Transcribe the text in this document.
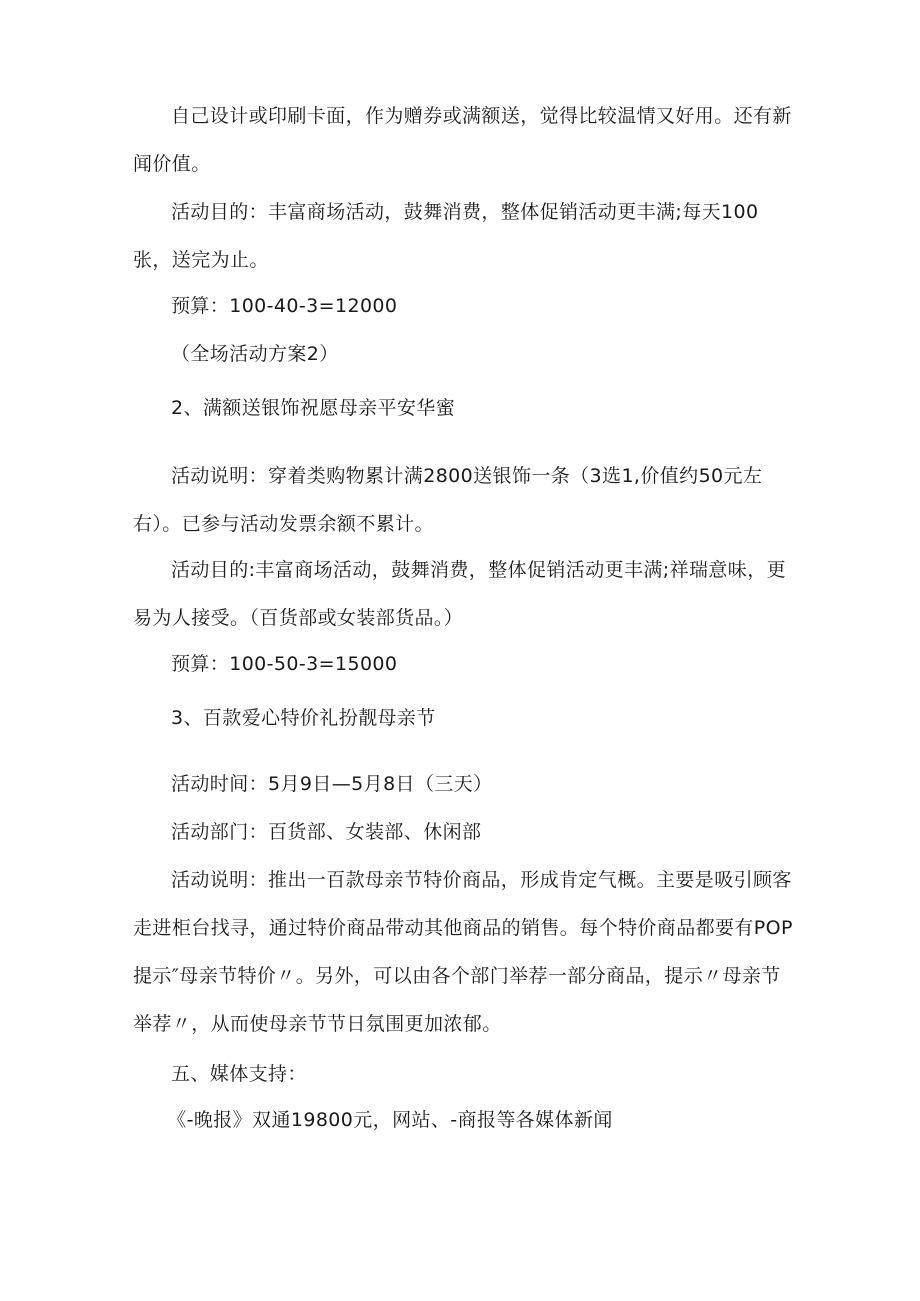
自己设计或印刷卡面，作为赠券或满额送，觉得比较温情又好用。还有新闻价值。

活动目的：丰富商场活动，鼓舞消费，整体促销活动更丰满;每天100张，送完为止。

预算：100-40-3=12000

（全场活动方案2）

2、满额送银饰祝愿母亲平安华蜜

活动说明：穿着类购物累计满2800送银饰一条（3选1,价值约50元左右）。已参与活动发票余额不累计。

活动目的:丰富商场活动，鼓舞消费，整体促销活动更丰满;祥瑞意味，更易为人接受。（百货部或女装部货品。）

预算：100-50-3=15000

3、百款爱心特价礼扮靓母亲节

活动时间：5月9日—5月8日（三天）

活动部门：百货部、女装部、休闲部

活动说明：推出一百款母亲节特价商品，形成肯定气概。主要是吸引顾客走进柜台找寻，通过特价商品带动其他商品的销售。每个特价商品都要有POP提示″母亲节特价〃。另外，可以由各个部门举荐一部分商品，提示〃母亲节举荐〃，从而使母亲节节日氛围更加浓郁。

五、媒体支持：

《-晚报》双通19800元，网站、-商报等各媒体新闻
